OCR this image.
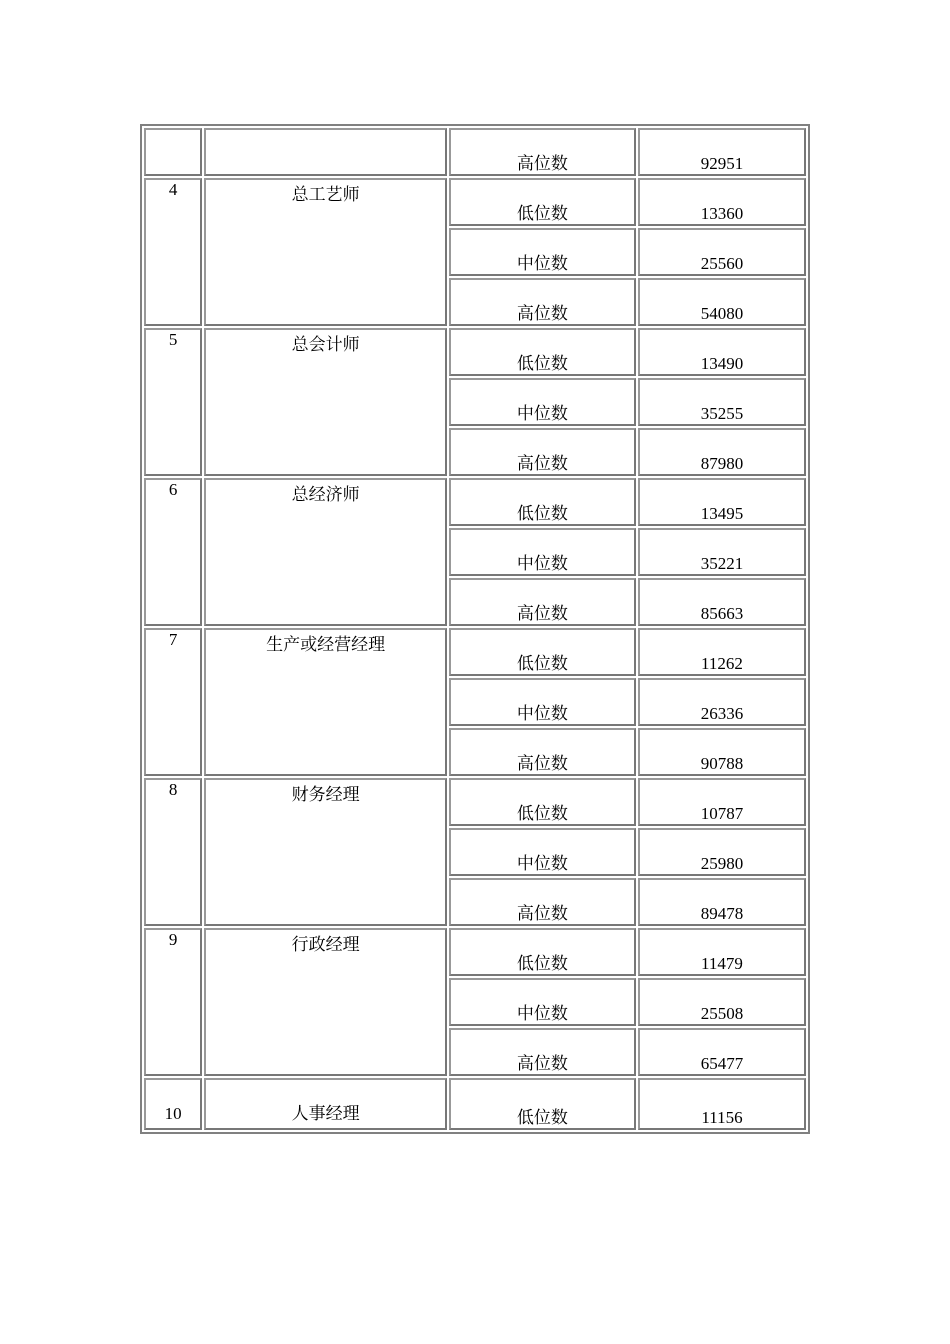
		高位数	92951
4	总工艺师	低位数	13360
		中位数	25560
		高位数	54080
5	总会计师	低位数	13490
		中位数	35255
		高位数	87980
6	总经济师	低位数	13495
		中位数	35221
		高位数	85663
7	生产或经营经理	低位数	11262
		中位数	26336
		高位数	90788
8	财务经理	低位数	10787
		中位数	25980
		高位数	89478
9	行政经理	低位数	11479
		中位数	25508
		高位数	65477
10	人事经理	低位数	11156
